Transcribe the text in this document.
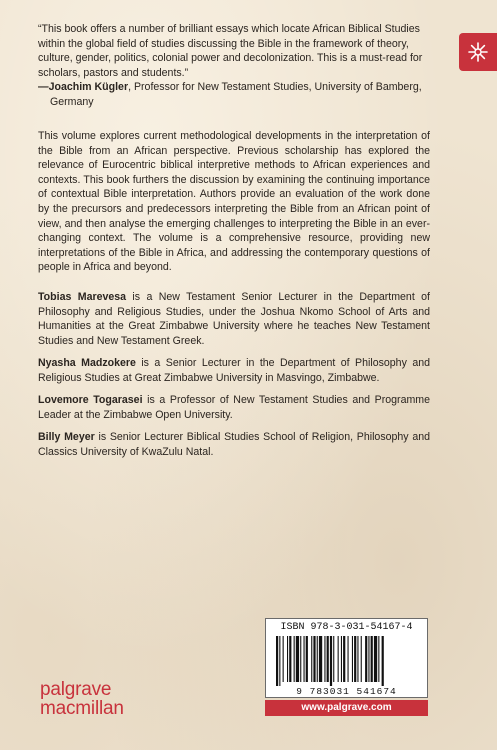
“This book offers a number of brilliant essays which locate African Biblical Studies within the global field of studies discussing the Bible in the framework of theory, culture, gender, politics, colonial power and decolonization. This is a must-read for scholars, pastors and students.”
—Joachim Kügler, Professor for New Testament Studies, University of Bamberg,
Germany
This volume explores current methodological developments in the interpretation of the Bible from an African perspective. Previous scholarship has explored the relevance of Eurocentric biblical interpretive methods to African experiences and contexts. This book furthers the discussion by examining the continuing importance of contextual Bible interpretation. Authors provide an evaluation of the work done by the precursors and predecessors interpreting the Bible from an African point of view, and then analyse the emerging challenges to interpreting the Bible in an ever-changing context. The volume is a comprehensive resource, providing new interpretations of the Bible in Africa, and addressing the contemporary questions of people in Africa and beyond.
Tobias Marevesa is a New Testament Senior Lecturer in the Department of Philosophy and Religious Studies, under the Joshua Nkomo School of Arts and Humanities at the Great Zimbabwe University where he teaches New Testament Studies and New Testament Greek.
Nyasha Madzokere is a Senior Lecturer in the Department of Philosophy and Religious Studies at Great Zimbabwe University in Masvingo, Zimbabwe.
Lovemore Togarasei is a Professor of New Testament Studies and Programme Leader at the Zimbabwe Open University.
Billy Meyer is Senior Lecturer Biblical Studies School of Religion, Philosophy and Classics University of KwaZulu Natal.
palgrave
macmillan
ISBN 978-3-031-54167-4
9 783031 541674
www.palgrave.com
